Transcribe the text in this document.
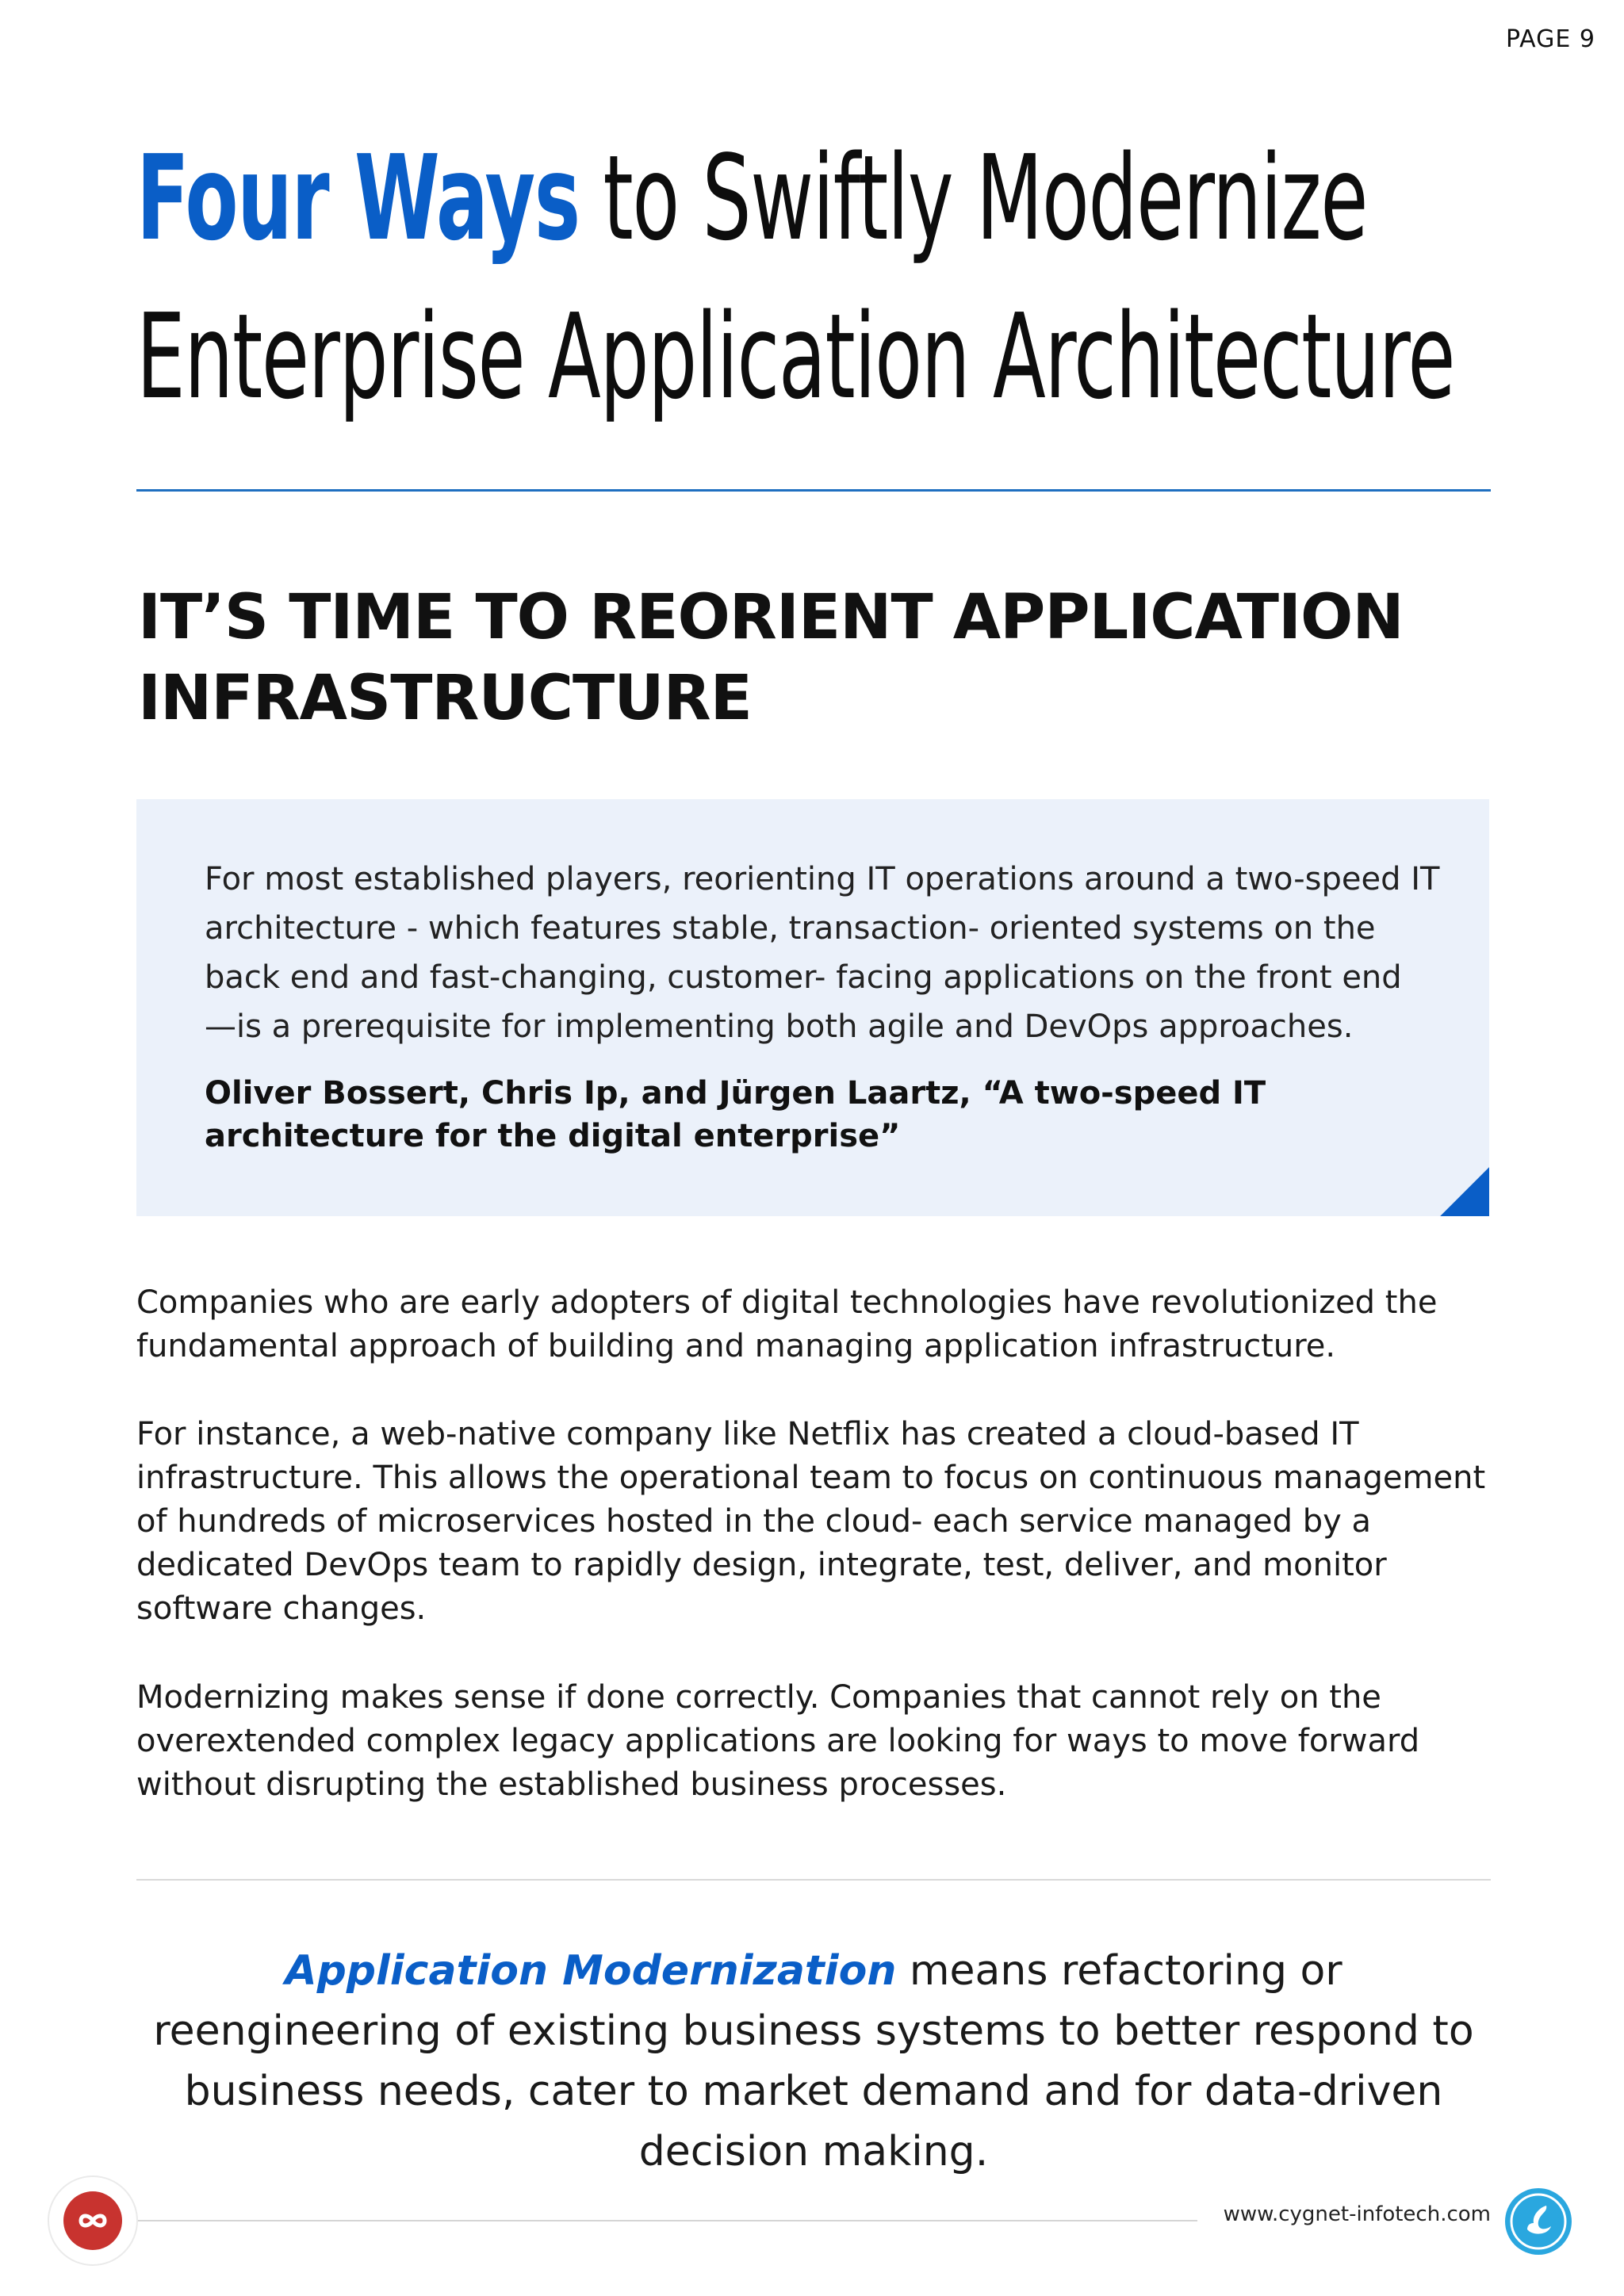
PAGE 9
Four Ways to Swiftly Modernize
Enterprise Application Architecture
IT’S TIME TO REORIENT APPLICATION
INFRASTRUCTURE
For most established players, reorienting IT operations around a two-speed IT architecture - which features stable, transaction- oriented systems on the back end and fast-changing, customer- facing applications on the front end —is a prerequisite for implementing both agile and DevOps approaches.
Oliver Bossert, Chris Ip, and Jürgen Laartz, “A two-speed IT architecture for the digital enterprise”
Companies who are early adopters of digital technologies have revolutionized the fundamental approach of building and managing application infrastructure.
For instance, a web-native company like Netflix has created a cloud-based IT infrastructure. This allows the operational team to focus on continuous management of hundreds of microservices hosted in the cloud- each service managed by a dedicated DevOps team to rapidly design, integrate, test, deliver, and monitor software changes.
Modernizing makes sense if done correctly. Companies that cannot rely on the overextended complex legacy applications are looking for ways to move forward without disrupting the established business processes.
Application Modernization means refactoring or reengineering of existing business systems to better respond to business needs, cater to market demand and for data-driven decision making.
www.cygnet-infotech.com
